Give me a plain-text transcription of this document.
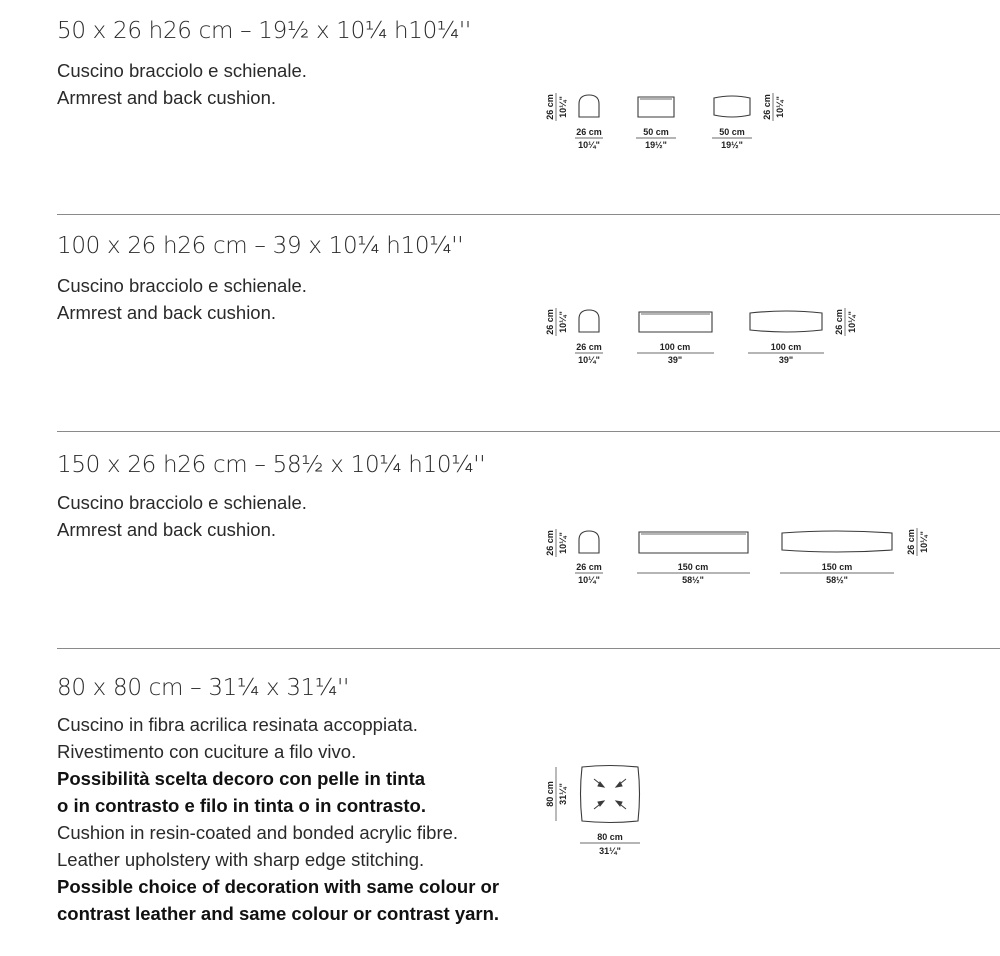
50 x 26 h26 cm – 19½ x 10¼ h10¼''

Cuscino bracciolo e schienale.

Armrest and back cushion.	26 cm 10¼"
26 cm
10¼"
50 cm
19½"
50 cm
19½"
26 cm 10¼"
100 x 26 h26 cm – 39 x 10¼ h10¼''

Cuscino bracciolo e schienale.

Armrest and back cushion.	26 cm 10¼"
26 cm
10¼"
100 cm
39"
100 cm
39"
26 cm 10¼"
150 x 26 h26 cm – 58½ x 10¼ h10¼''

Cuscino bracciolo e schienale.

Armrest and back cushion.

26 cm 10¼"
26 cm
10¼"
150 cm
58½"
150 cm
58½"
26 cm 10¼"
80 x 80 cm – 31¼ x 31¼''

Cuscino in fibra acrilica resinata accoppiata.

Rivestimento con cuciture a filo vivo.

Possibilità scelta decoro con pelle in tinta

o in contrasto e filo in tinta o in contrasto.

Cushion in resin-coated and bonded acrylic fibre.

Leather upholstery with sharp edge stitching.

Possible choice of decoration with same colour or

contrast leather and same colour or contrast yarn.

80 cm 31¼"
80 cm
31¼"
